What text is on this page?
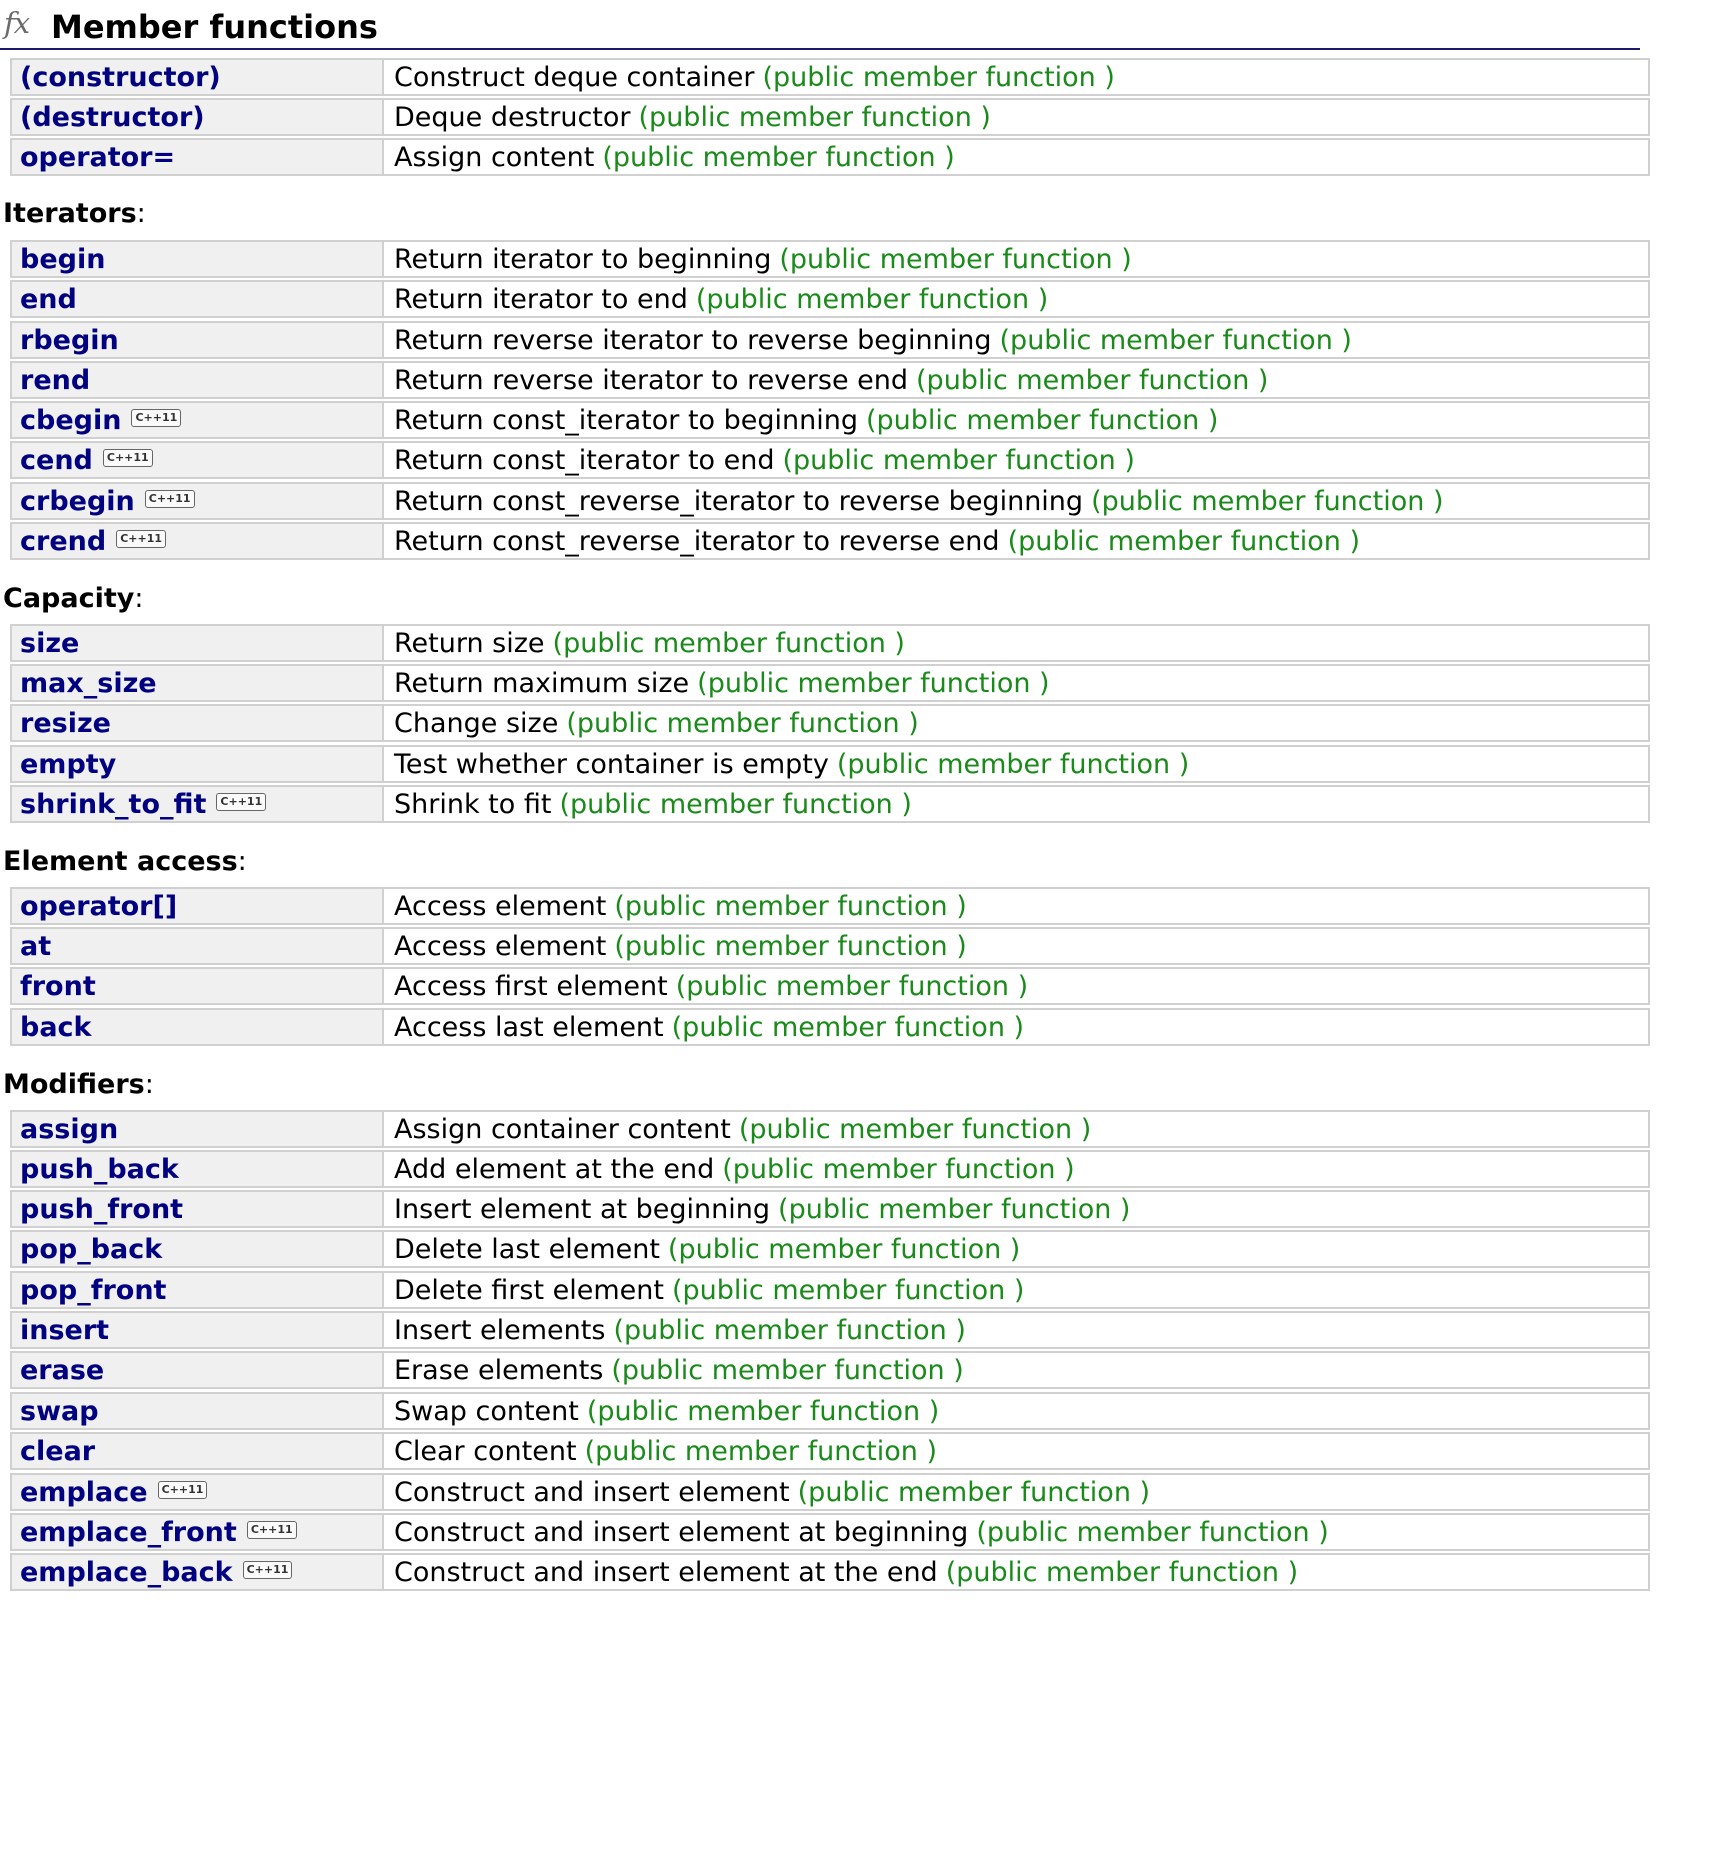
fx Member functions
(constructor)	Construct deque container (public member function )
(destructor)	Deque destructor (public member function )
operator=	Assign content (public member function )
Iterators:
begin	Return iterator to beginning (public member function )
end	Return iterator to end (public member function )
rbegin	Return reverse iterator to reverse beginning (public member function )
rend	Return reverse iterator to reverse end (public member function )
cbegin C++11	Return const_iterator to beginning (public member function )
cend C++11	Return const_iterator to end (public member function )
crbegin C++11	Return const_reverse_iterator to reverse beginning (public member function )
crend C++11	Return const_reverse_iterator to reverse end (public member function )
Capacity:
size	Return size (public member function )
max_size	Return maximum size (public member function )
resize	Change size (public member function )
empty	Test whether container is empty (public member function )
shrink_to_fit C++11	Shrink to fit (public member function )
Element access:
operator[]	Access element (public member function )
at	Access element (public member function )
front	Access first element (public member function )
back	Access last element (public member function )
Modifiers:
assign	Assign container content (public member function )
push_back	Add element at the end (public member function )
push_front	Insert element at beginning (public member function )
pop_back	Delete last element (public member function )
pop_front	Delete first element (public member function )
insert	Insert elements (public member function )
erase	Erase elements (public member function )
swap	Swap content (public member function )
clear	Clear content (public member function )
emplace C++11	Construct and insert element (public member function )
emplace_front C++11	Construct and insert element at beginning (public member function )
emplace_back C++11	Construct and insert element at the end (public member function )
